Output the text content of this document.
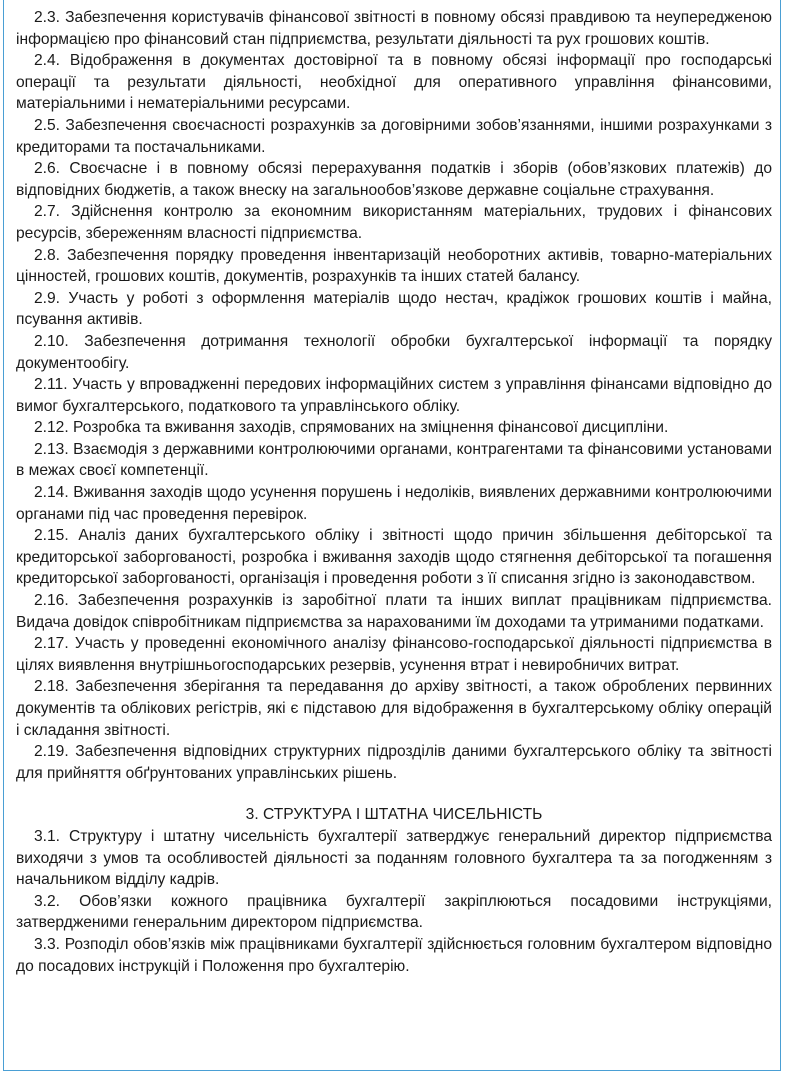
2.3. Забезпечення користувачів фінансової звітності в повному обсязі правдивою та неупередженою інформацією про фінансовий стан підприємства, результати діяльності та рух грошових коштів.

2.4. Відображення в документах достовірної та в повному обсязі інформації про господарські операції та результати діяльності, необхідної для оперативного управління фінансовими, матеріальними і нематеріальними ресурсами.

2.5. Забезпечення своєчасності розрахунків за договірними зобов’язаннями, іншими розрахунками з кредиторами та постачальниками.

2.6. Своєчасне і в повному обсязі перерахування податків і зборів (обов’язкових платежів) до відповідних бюджетів, а також внеску на загальнообов’язкове державне соціальне страхування.

2.7. Здійснення контролю за економним використанням матеріальних, трудових і фінансових ресурсів, збереженням власності підприємства.

2.8. Забезпечення порядку проведення інвентаризацій необоротних активів, товарно-матеріальних цінностей, грошових коштів, документів, розрахунків та інших статей балансу.

2.9. Участь у роботі з оформлення матеріалів щодо нестач, крадіжок грошових коштів і майна, псування активів.

2.10. Забезпечення дотримання технології обробки бухгалтерської інформації та порядку документообігу.

2.11. Участь у впровадженні передових інформаційних систем з управління фінансами відповідно до вимог бухгалтерського, податкового та управлінського обліку.

2.12. Розробка та вживання заходів, спрямованих на зміцнення фінансової дисципліни.

2.13. Взаємодія з державними контролюючими органами, контрагентами та фінансовими установами в межах своєї компетенції.

2.14. Вживання заходів щодо усунення порушень і недоліків, виявлених державними контролюючими органами під час проведення перевірок.

2.15. Аналіз даних бухгалтерського обліку і звітності щодо причин збільшення дебіторської та кредиторської заборгованості, розробка і вживання заходів щодо стягнення дебіторської та погашення кредиторської заборгованості, організація і проведення роботи з її списання згідно із законодавством.

2.16. Забезпечення розрахунків із заробітної плати та інших виплат працівникам підприємства. Видача довідок співробітникам підприємства за нарахованими їм доходами та утриманими податками.

2.17. Участь у проведенні економічного аналізу фінансово-господарської діяльності підприємства в цілях виявлення внутрішньогосподарських резервів, усунення втрат і невиробничих витрат.

2.18. Забезпечення зберігання та передавання до архіву звітності, а також оброблених первинних документів та облікових регістрів, які є підставою для відображення в бухгалтерському обліку операцій і складання звітності.

2.19. Забезпечення відповідних структурних підрозділів даними бухгалтерського обліку та звітності для прийняття обґрунтованих управлінських рішень.

3. СТРУКТУРА І ШТАТНА ЧИСЕЛЬНІСТЬ

3.1. Структуру і штатну чисельність бухгалтерії затверджує генеральний директор підприємства виходячи з умов та особливостей діяльності за поданням головного бухгалтера та за погодженням з начальником відділу кадрів.

3.2. Обов’язки кожного працівника бухгалтерії закріплюються посадовими інструкціями, затвердженими генеральним директором підприємства.

3.3. Розподіл обов’язків між працівниками бухгалтерії здійснюється головним бухгалтером відповідно до посадових інструкцій і Положення про бухгалтерію.
